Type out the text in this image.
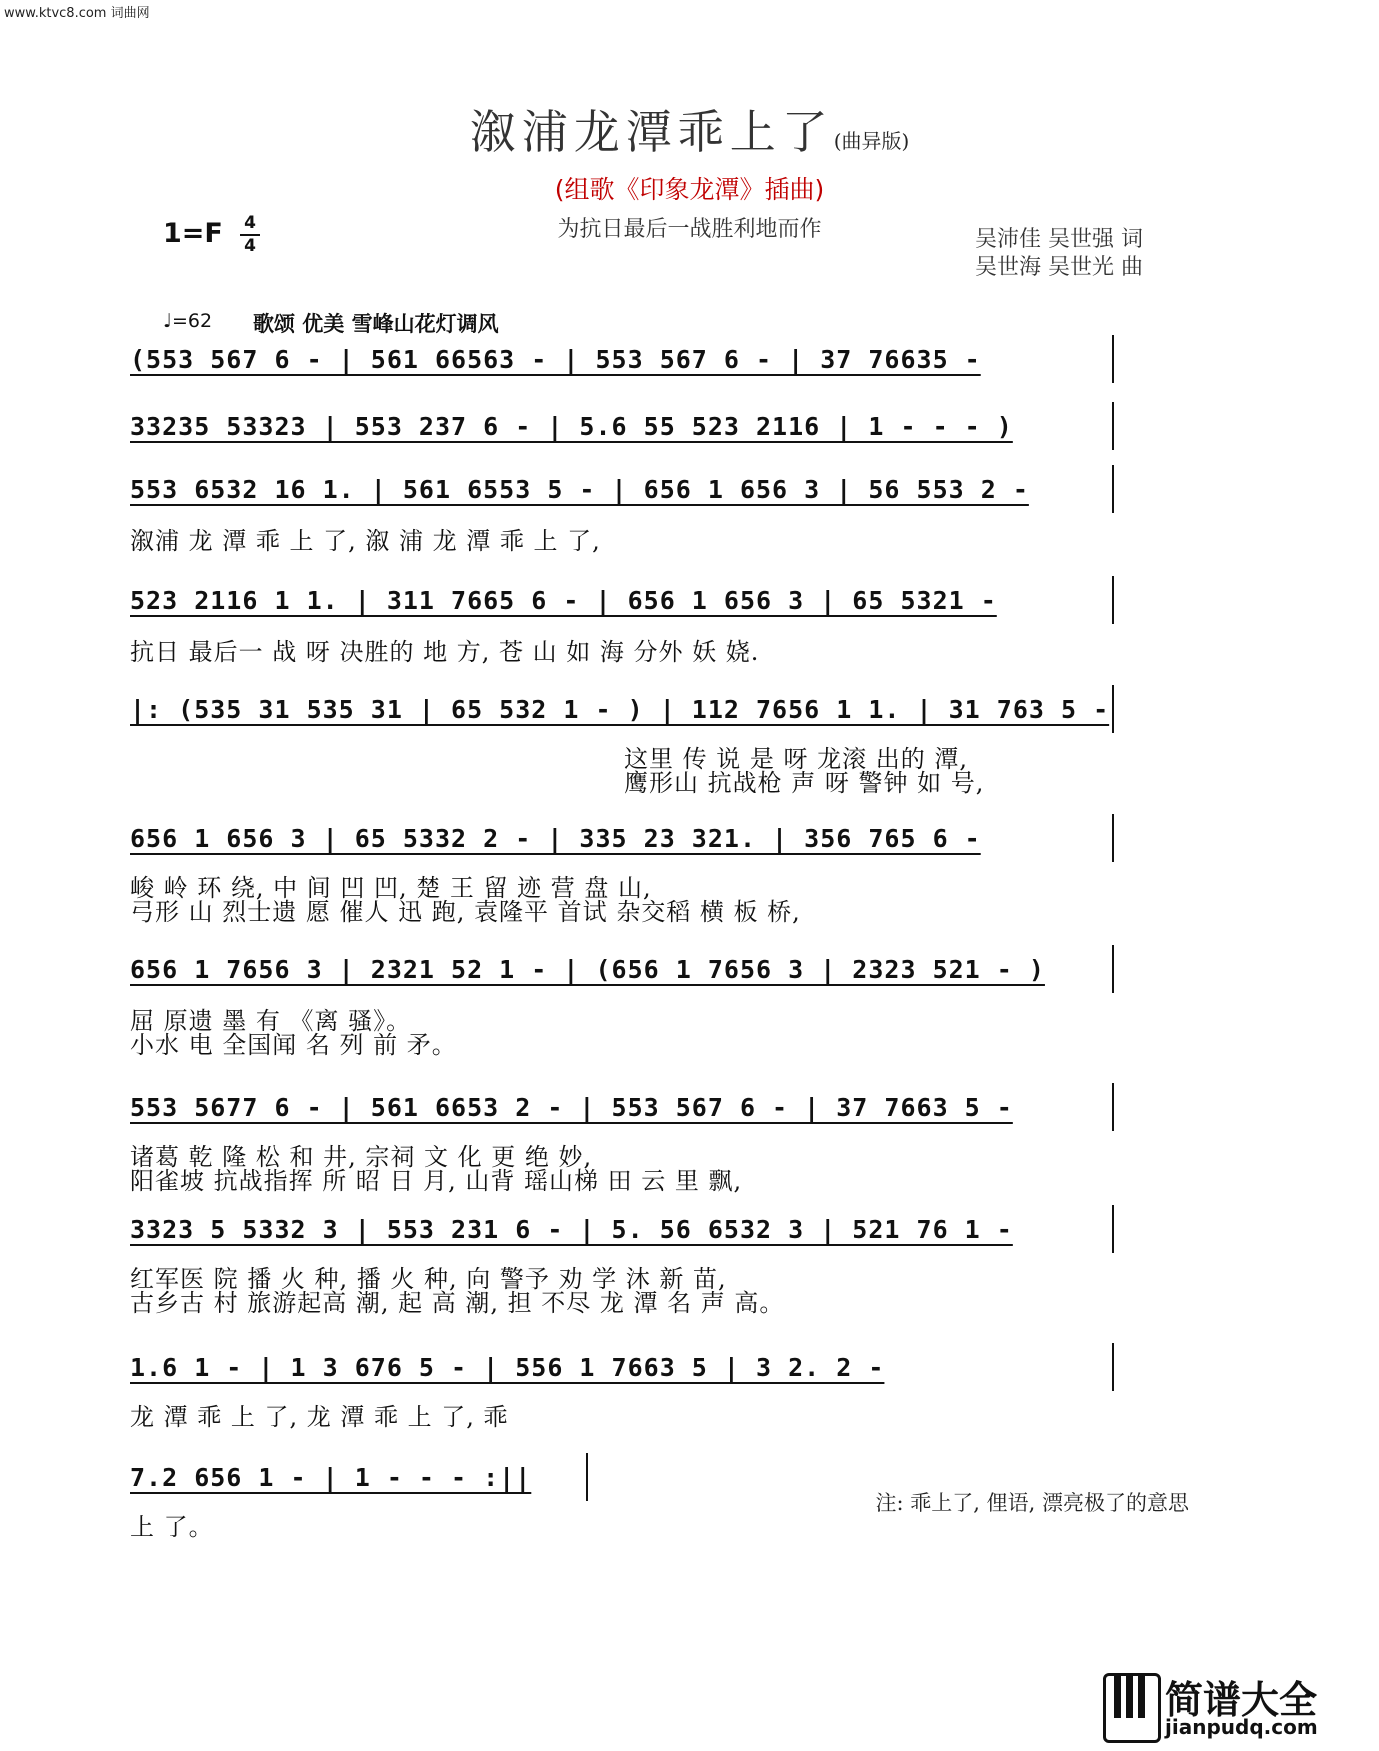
www.ktvc8.com 词曲网
溆浦龙潭乖上了(曲异版)
(组歌《印象龙潭》插曲)
为抗日最后一战胜利地而作
1=F 4
4	吴沛佳 吴世强 词
吴世海 吴世光 曲
♩=62 歌颂 优美 雪峰山花灯调风
(553 567 6 - | 561 66563 - | 553 567 6 - | 37 76635 -
33235 53323 | 553 237 6 - | 5.6 55 523 2116 | 1 - - - )
553 6532 16 1. | 561 6553 5 - | 656 1 656 3 | 56 553 2 -
溆浦 龙 潭 乖 上 了, 溆 浦 龙 潭 乖 上 了,
523 2116 1 1. | 311 7665 6 - | 656 1 656 3 | 65 5321 -
抗日 最后一 战 呀 决胜的 地 方, 苍 山 如 海 分外 妖 娆.
|: (535 31 535 31 | 65 532 1 - ) | 112 7656 1 1. | 31 763 5 -
这里 传 说 是 呀 龙滚 出的 潭,
鹰形山 抗战枪 声 呀 警钟 如 号,
656 1 656 3 | 65 5332 2 - | 335 23 321. | 356 765 6 -
峻 岭 环 绕, 中 间 凹 凹, 楚 王 留 迹 营 盘 山,
弓形 山 烈士遗 愿 催人 迅 跑, 袁隆平 首试 杂交稻 横 板 桥,
656 1 7656 3 | 2321 52 1 - | (656 1 7656 3 | 2323 521 - )
屈 原遗 墨 有 《离 骚》。
小水 电 全国闻 名 列 前 矛。
553 5677 6 - | 561 6653 2 - | 553 567 6 - | 37 7663 5 -
诸葛 乾 隆 松 和 井, 宗祠 文 化 更 绝 妙,
阳雀坡 抗战指挥 所 昭 日 月, 山背 瑶山梯 田 云 里 飘,
3323 5 5332 3 | 553 231 6 - | 5. 56 6532 3 | 521 76 1 -
红军医 院 播 火 种, 播 火 种, 向 警予 劝 学 沐 新 苗,
古乡古 村 旅游起高 潮, 起 高 潮, 担 不尽 龙 潭 名 声 高。
1.6 1 - | 1 3 676 5 - | 556 1 7663 5 | 3 2. 2 -
龙 潭 乖 上 了, 龙 潭 乖 上 了, 乖
7.2 656 1 - | 1 - - - :||
上 了。
注: 乖上了, 俚语, 漂亮极了的意思
简谱大全
jianpudq.com
